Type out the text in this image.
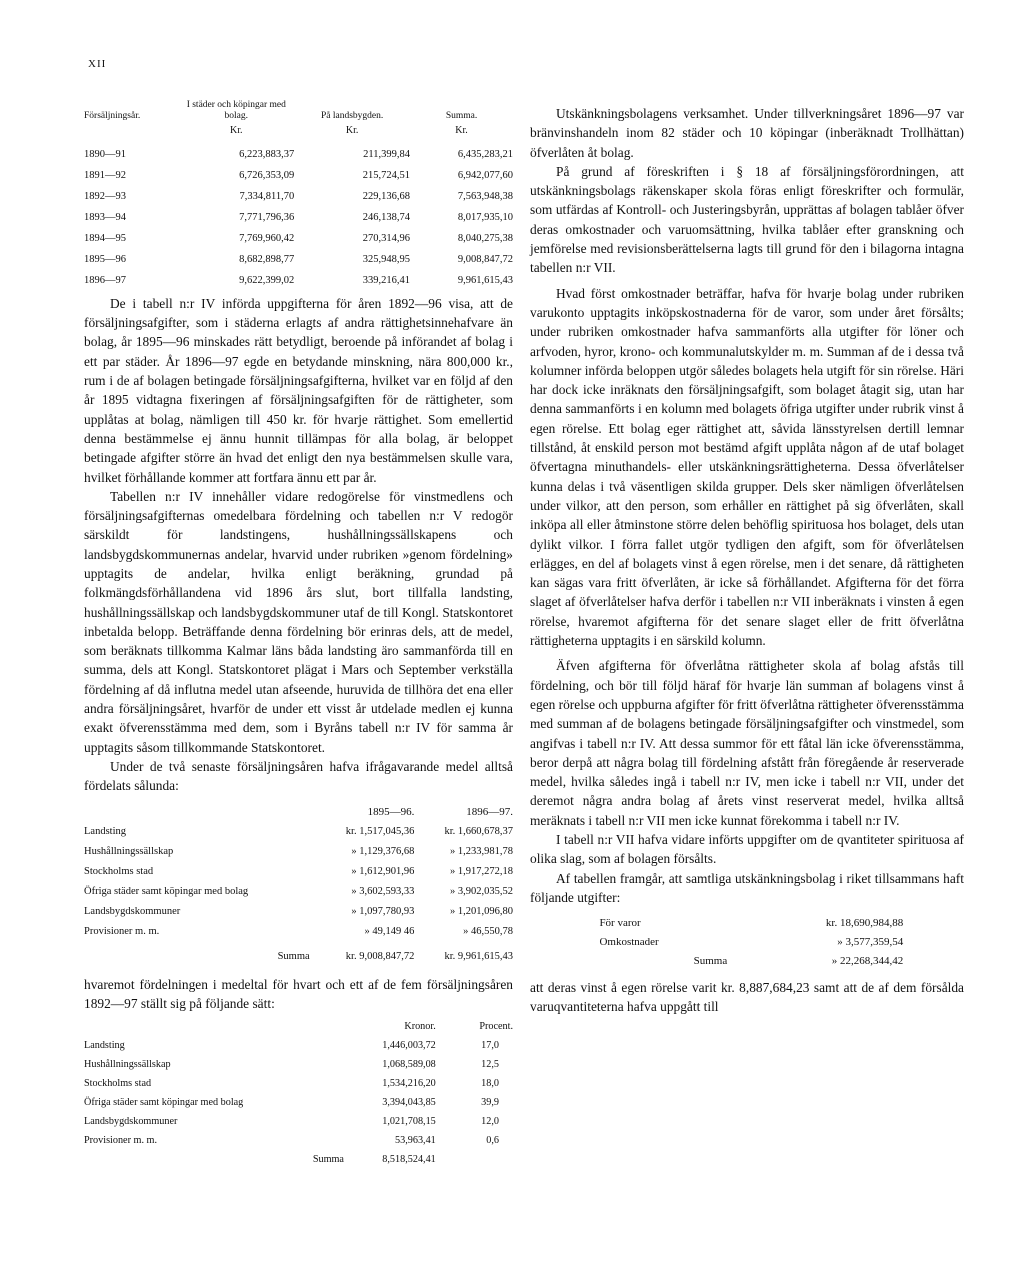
XII
Försäljningsår.	I städer och köpingar med bolag.	På landsbygden.	Summa.
	Kr.	Kr.	Kr.
1890—91	6,223,883,37	211,399,84	6,435,283,21
1891—92	6,726,353,09	215,724,51	6,942,077,60
1892—93	7,334,811,70	229,136,68	7,563,948,38
1893—94	7,771,796,36	246,138,74	8,017,935,10
1894—95	7,769,960,42	270,314,96	8,040,275,38
1895—96	8,682,898,77	325,948,95	9,008,847,72
1896—97	9,622,399,02	339,216,41	9,961,615,43

De i tabell n:r IV införda uppgifterna för åren 1892—96 visa, att de försäljningsafgifter, som i städerna erlagts af andra rättighetsinnehafvare än bolag, år 1895—96 minskades rätt betydligt, beroende på införandet af bolag i ett par städer. År 1896—97 egde en betydande minskning, nära 800,000 kr., rum i de af bolagen betingade försäljningsafgifterna, hvilket var en följd af den år 1895 vidtagna fixeringen af försäljningsafgiften för de rättigheter, som upplåtas at bolag, nämligen till 450 kr. för hvarje rättighet. Som emellertid denna bestämmelse ej ännu hunnit tillämpas för alla bolag, är beloppet betingade afgifter större än hvad det enligt den nya bestämmelsen skulle vara, hvilket förhållande kommer att fortfara ännu ett par år.

Tabellen n:r IV innehåller vidare redogörelse för vinstmedlens och försäljningsafgifternas omedelbara fördelning och tabellen n:r V redogör särskildt för landstingens, hushållningssällskapens och landsbygdskommunernas andelar, hvarvid under rubriken »genom fördelning» upptagits de andelar, hvilka enligt beräkning, grundad på folkmängdsförhållandena vid 1896 års slut, bort tillfalla landsting, hushållningssällskap och landsbygdskommuner utaf de till Kongl. Statskontoret inbetalda belopp. Beträffande denna fördelning bör erinras dels, att de medel, som beräknats tillkomma Kalmar läns båda landsting äro sammanförda till en summa, dels att Kongl. Statskontoret plägat i Mars och September verkställa fördelning af då influtna medel utan afseende, huruvida de tillhöra det ena eller andra försäljningsåret, hvarför de under ett visst år utdelade medlen ej kunna exakt öfverensstämma med dem, som i Byråns tabell n:r IV för samma år upptagits såsom tillkommande Statskontoret.

Under de två senaste försäljningsåren hafva ifrågavarande medel alltså fördelats sålunda:

	1895—96.	1896—97.
Landsting	kr. 1,517,045,36	kr. 1,660,678,37
Hushållningssällskap	» 1,129,376,68	» 1,233,981,78
Stockholms stad	» 1,612,901,96	» 1,917,272,18
Öfriga städer samt köpingar med bolag	» 3,602,593,33	» 3,902,035,52
Landsbygdskommuner	» 1,097,780,93	» 1,201,096,80
Provisioner m. m.	» 49,149 46	» 46,550,78
Summa	kr. 9,008,847,72	kr. 9,961,615,43

hvaremot fördelningen i medeltal för hvart och ett af de fem försäljningsåren 1892—97 ställt sig på följande sätt:

	Kronor.	Procent.
Landsting	1,446,003,72	17,0
Hushållningssällskap	1,068,589,08	12,5
Stockholms stad	1,534,216,20	18,0
Öfriga städer samt köpingar med bolag	3,394,043,85	39,9
Landsbygdskommuner	1,021,708,15	12,0
Provisioner m. m.	53,963,41	0,6
Summa	8,518,524,41	

Utskänkningsbolagens verksamhet. Under tillverkningsåret 1896—97 var bränvinshandeln inom 82 städer och 10 köpingar (inberäknadt Trollhättan) öfverlåten åt bolag.

På grund af föreskriften i § 18 af försäljningsförordningen, att utskänkningsbolags räkenskaper skola föras enligt föreskrifter och formulär, som utfärdas af Kontroll- och Justeringsbyrån, upprättas af bolagen tablåer öfver deras omkostnader och varuomsättning, hvilka tablåer efter granskning och jemförelse med revisionsberättelserna lagts till grund för den i bilagorna intagna tabellen n:r VII.

Hvad först omkostnader beträffar, hafva för hvarje bolag under rubriken varukonto upptagits inköpskostnaderna för de varor, som under året försålts; under rubriken omkostnader hafva sammanförts alla utgifter för löner och arfvoden, hyror, krono- och kommunalutskylder m. m. Summan af de i dessa två kolumner införda beloppen utgör således bolagets hela utgift för sin rörelse. Häri har dock icke inräknats den försäljningsafgift, som bolaget åtagit sig, utan har denna sammanförts i en kolumn med bolagets öfriga utgifter under rubrik vinst å egen rörelse. Ett bolag eger rättighet att, såvida länsstyrelsen dertill lemnar tillstånd, åt enskild person mot bestämd afgift upplåta någon af de utaf bolaget öfvertagna minuthandels- eller utskänkningsrättigheterna. Dessa öfverlåtelser kunna delas i två väsentligen skilda grupper. Dels sker nämligen öfverlåtelsen under vilkor, att den person, som erhåller en rättighet på sig öfverlåten, skall inköpa all eller åtminstone större delen behöflig spirituosa hos bolaget, dels utan dylikt vilkor. I förra fallet utgör tydligen den afgift, som för öfverlåtelsen erlägges, en del af bolagets vinst å egen rörelse, men i det senare, då rättigheten kan sägas vara fritt öfverlåten, är icke så förhållandet. Afgifterna för det förra slaget af öfverlåtelser hafva derför i tabellen n:r VII inberäknats i vinsten å egen rörelse, hvaremot afgifterna för det senare slaget eller de fritt öfverlåtna rättigheterna upptagits i en särskild kolumn.

Äfven afgifterna för öfverlåtna rättigheter skola af bolag afstås till fördelning, och bör till följd häraf för hvarje län summan af bolagens vinst å egen rörelse och uppburna afgifter för fritt öfverlåtna rättigheter öfverensstämma med summan af de bolagens betingade försäljningsafgifter och vinstmedel, som angifvas i tabell n:r IV. Att dessa summor för ett fåtal län icke öfverensstämma, beror derpå att några bolag till fördelning afstått från föregående år reserverade medel, hvilka således ingå i tabell n:r IV, men icke i tabell n:r VII, under det deremot några andra bolag af årets vinst reserverat medel, hvilka alltså meräknats i tabell n:r VII men icke kunnat förekomma i tabell n:r IV.

I tabell n:r VII hafva vidare införts uppgifter om de qvantiteter spirituosa af olika slag, som af bolagen försålts.

Af tabellen framgår, att samtliga utskänkningsbolag i riket tillsammans haft följande utgifter:

För varor	kr. 18,690,984,88
Omkostnader	» 3,577,359,54
Summa	» 22,268,344,42

att deras vinst å egen rörelse varit kr. 8,887,684,23 samt att de af dem försålda varuqvantiteterna hafva uppgått till
